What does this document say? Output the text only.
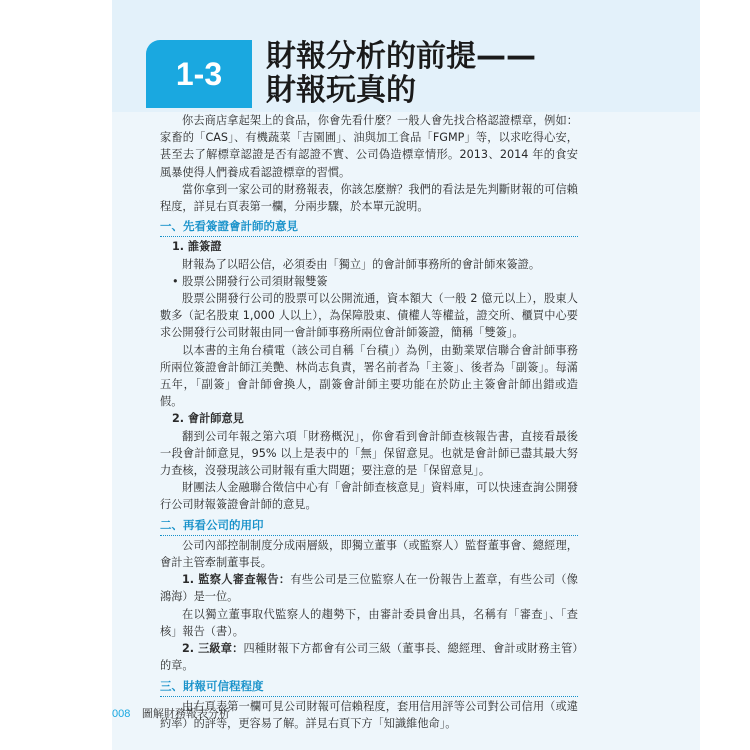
1-3 財報分析的前提——
財報玩真的

你去商店拿起架上的食品，你會先看什麼？一般人會先找合格認證標章，例如：家畜的「CAS」、有機蔬菜「吉園圃」、油與加工食品「FGMP」等，以求吃得心安，甚至去了解標章認證是否有認證不實、公司偽造標章情形。2013、2014 年的食安風暴使得人們養成看認證標章的習慣。

當你拿到一家公司的財務報表，你該怎麼辦？我們的看法是先判斷財報的可信賴程度，詳見右頁表第一欄，分兩步驟，於本單元說明。

一、先看簽證會計師的意見

1. 誰簽證

財報為了以昭公信，必須委由「獨立」的會計師事務所的會計師來簽證。

• 股票公開發行公司須財報雙簽

股票公開發行公司的股票可以公開流通，資本額大（一般 2 億元以上），股東人數多（記名股東 1,000 人以上），為保障股東、債權人等權益，證交所、櫃買中心要求公開發行公司財報由同一會計師事務所兩位會計師簽證，簡稱「雙簽」。

以本書的主角台積電（該公司自稱「台積」）為例，由勤業眾信聯合會計師事務所兩位簽證會計師江美艷、林尚志負責，署名前者為「主簽」、後者為「副簽」。每滿五年，「副簽」會計師會換人，副簽會計師主要功能在於防止主簽會計師出錯或造假。

2. 會計師意見

翻到公司年報之第六項「財務概況」，你會看到會計師查核報告書，直接看最後一段會計師意見，95% 以上是表中的「無」保留意見。也就是會計師已盡其最大努力查核，沒發現該公司財報有重大問題；要注意的是「保留意見」。

財團法人金融聯合徵信中心有「會計師查核意見」資料庫，可以快速查詢公開發行公司財報簽證會計師的意見。

二、再看公司的用印

公司內部控制制度分成兩層級，即獨立董事（或監察人）監督董事會、總經理，會計主管牽制董事長。

1. 監察人審查報告：有些公司是三位監察人在一份報告上蓋章，有些公司（像鴻海）是一位。

在以獨立董事取代監察人的趨勢下，由審計委員會出具，名稱有「審查」、「查核」報告（書）。

2. 三級章：四種財報下方都會有公司三級（董事長、總經理、會計或財務主管）的章。

三、財報可信程程度

由右頁表第一欄可見公司財報可信賴程度，套用信用評等公司對公司信用（或違約率）的評等，更容易了解。詳見右頁下方「知識維他命」。

008 圖解財務報表分析
